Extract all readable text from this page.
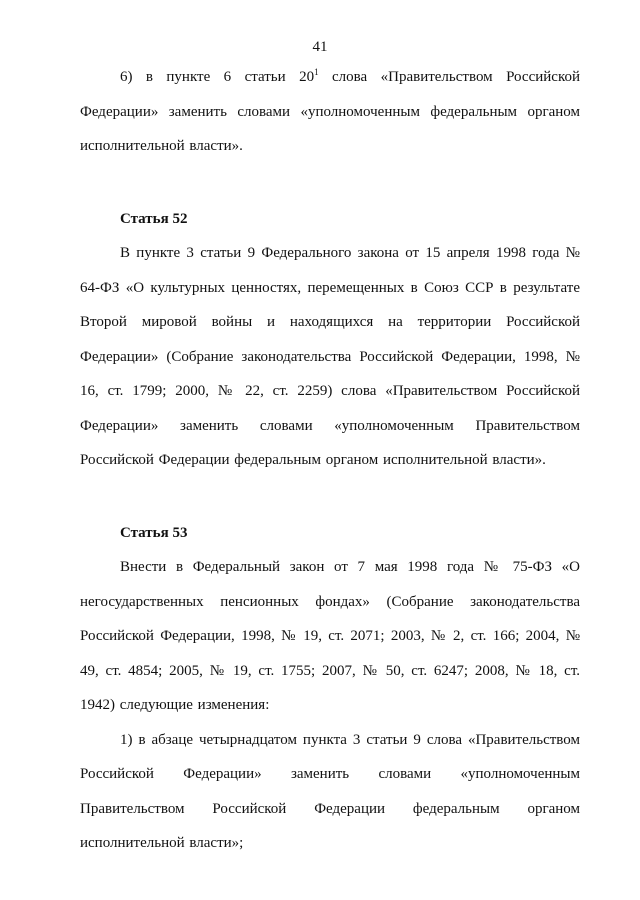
41

6) в пункте 6 статьи $20^1$ слова «Правительством Российской Федерации» заменить словами «уполномоченным федеральным органом исполнительной власти».

Статья 52

В пункте 3 статьи 9 Федерального закона от 15 апреля 1998 года № 64-ФЗ «О культурных ценностях, перемещенных в Союз ССР в результате Второй мировой войны и находящихся на территории Российской Федерации» (Собрание законодательства Российской Федерации, 1998, № 16, ст. 1799; 2000, № 22, ст. 2259) слова «Правительством Российской Федерации» заменить словами «уполномоченным Правительством Российской Федерации федеральным органом исполнительной власти».

Статья 53

Внести в Федеральный закон от 7 мая 1998 года № 75-ФЗ «О негосударственных пенсионных фондах» (Собрание законодательства Российской Федерации, 1998, № 19, ст. 2071; 2003, № 2, ст. 166; 2004, № 49, ст. 4854; 2005, № 19, ст. 1755; 2007, № 50, ст. 6247; 2008, № 18, ст. 1942) следующие изменения:

1) в абзаце четырнадцатом пункта 3 статьи 9 слова «Правительством Российской Федерации» заменить словами «уполномоченным Правительством Российской Федерации федеральным органом исполнительной власти»;
